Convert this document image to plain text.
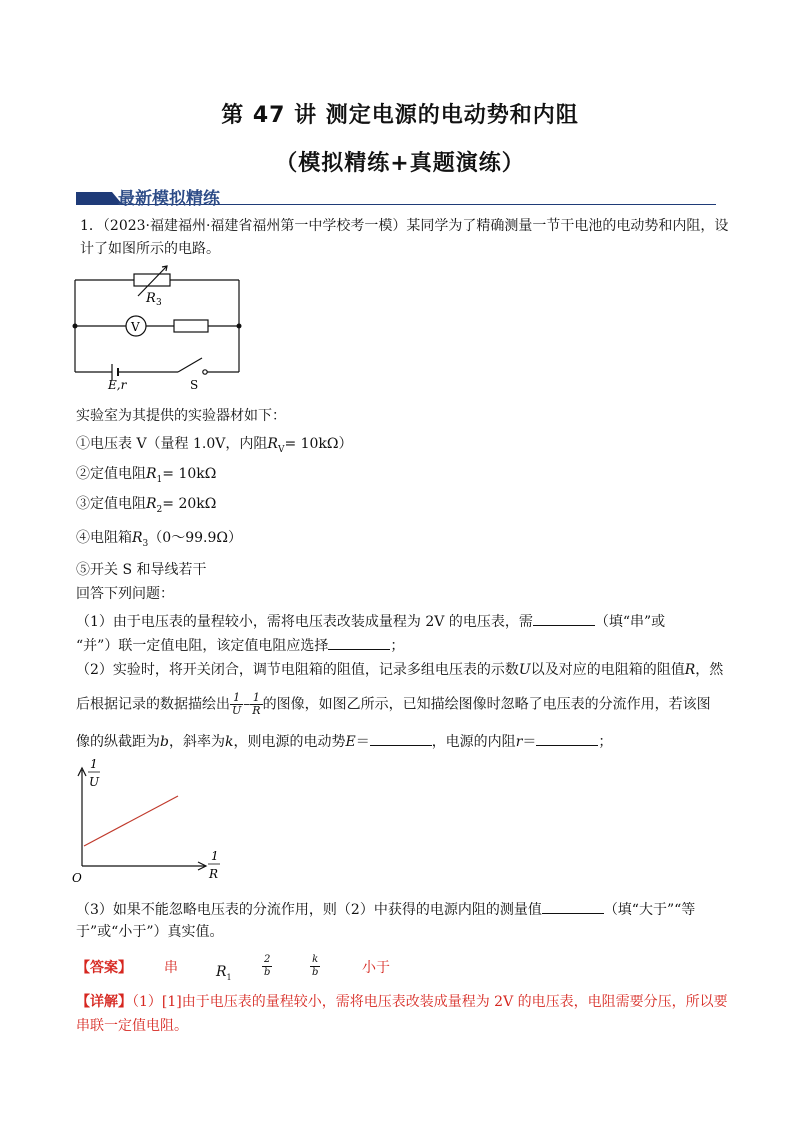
第 47 讲 测定电源的电动势和内阻
（模拟精练+真题演练）
最新模拟精练
1．（2023·福建福州·福建省福州第一中学校考一模）某同学为了精确测量一节干电池的电动势和内阻，设
计了如图所示的电路。
R 3
V
E,r	S
实验室为其提供的实验器材如下：
①电压表 V（量程 1.0V，内阻$R_V= 10k\Omega$）
②定值电阻$R_1= 10k\Omega$
③定值电阻$R_2= 20k\Omega$
④电阻箱$R_3(0\sim 99.9\Omega)$
⑤开关 S 和导线若干
回答下列问题：
（1）由于电压表的量程较小，需将电压表改装成量程为 2V 的电压表，需	（填“串”或
“并”）联一定值电阻，该定值电阻应选择	；
（2）实验时，将开关闭合，调节电阻箱的阻值，记录多组电压表的示数U以及对应的电阻箱的阻值R，然
后根据记录的数据描绘出 $\frac{1}{U} - \frac{1}{R}$ 的图像，如图乙所示，已知描绘图像时忽略了电压表的分流作用，若该图
像的纵截距为b，斜率为k，则电源的电动势E＝	，电源的内阻r＝	；
1
U
1
R
O
（3）如果不能忽略电压表的分流作用，则（2）中获得的电源内阻的测量值	（填“大于”“等
于”或“小于”）真实值。
【答案】 串	$R_1$	$\frac{2}{b}$	$\frac{k}{b}$	小于
【详解】（1）[1]由于电压表的量程较小，需将电压表改装成量程为 2V 的电压表，电阻需要分压，所以要
串联一定值电阻。
